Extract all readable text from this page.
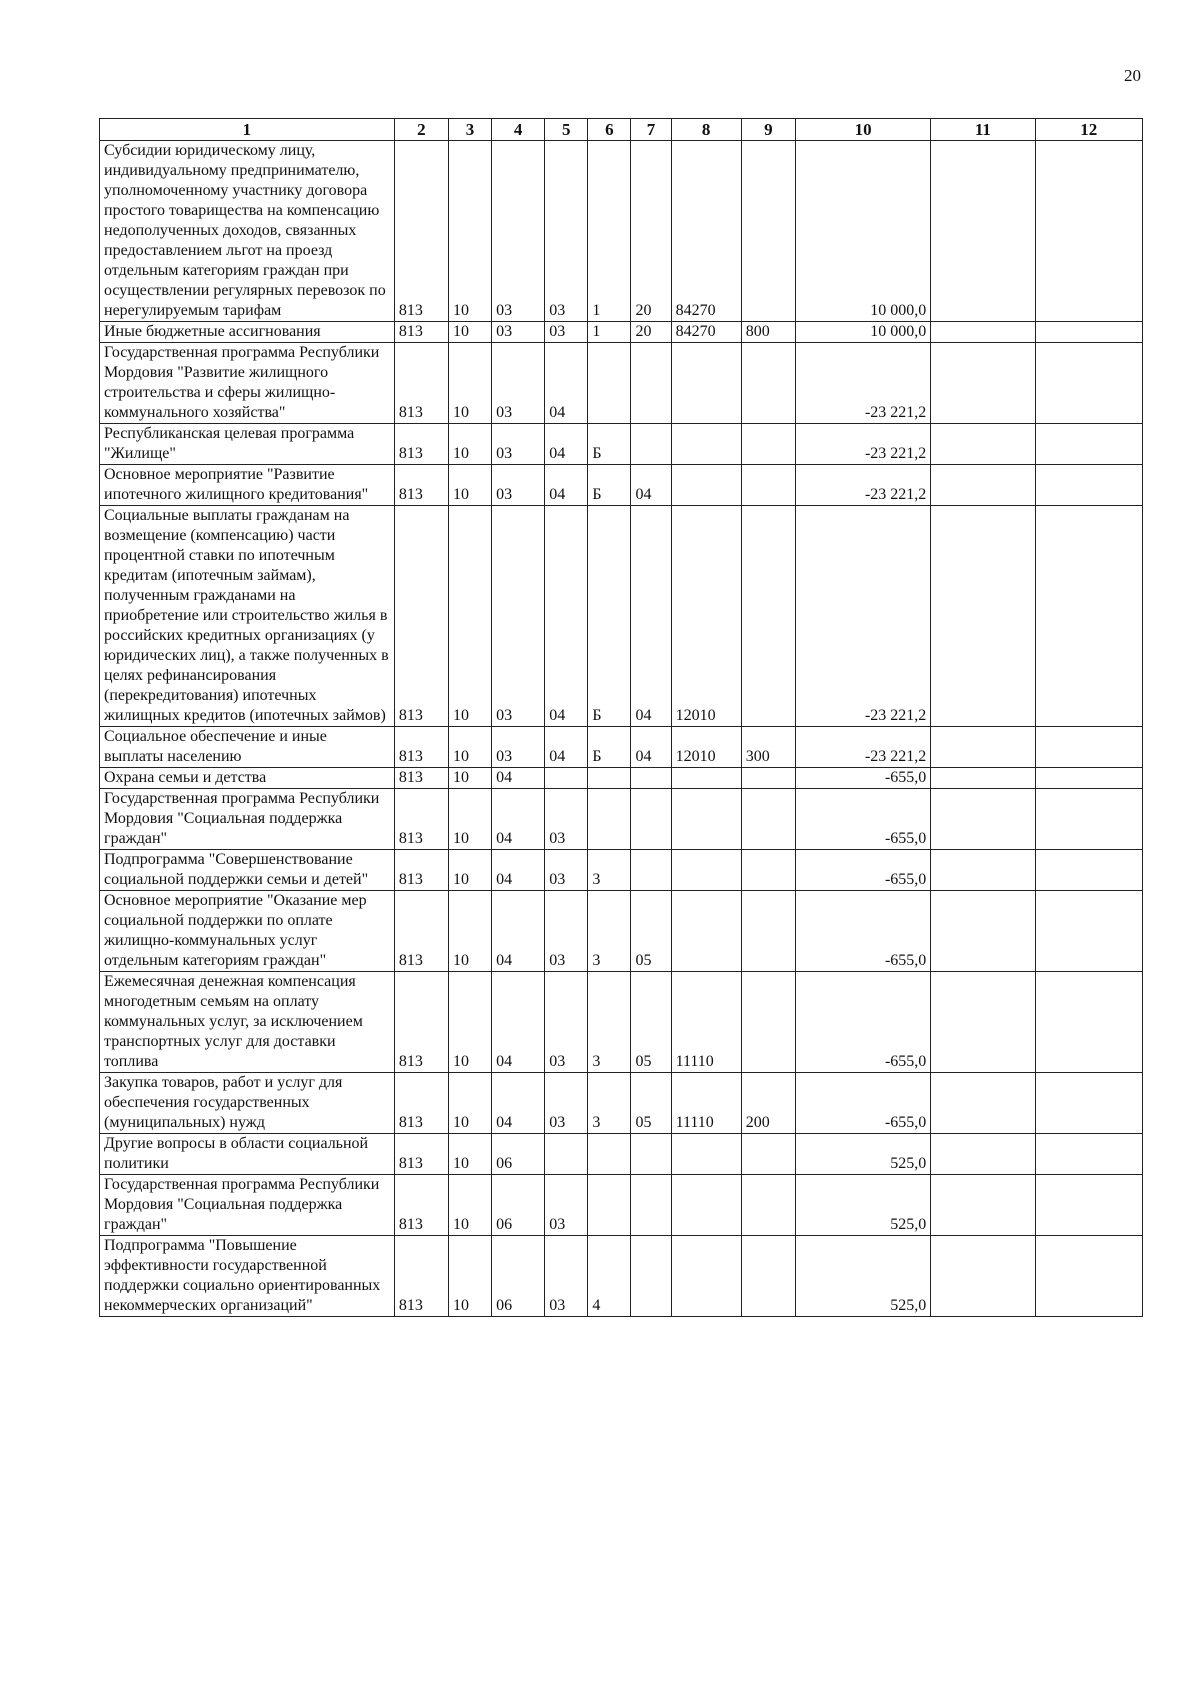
20
1	2	3	4	5	6	7	8	9	10	11	12
Субсидии юридическому лицу, индивидуальному предпринимателю, уполномоченному участнику договора простого товарищества на компенсацию недополученных доходов, связанных предоставлением льгот на проезд отдельным категориям граждан при осуществлении регулярных перевозок по нерегулируемым тарифам	813	10	03	03	1	20	84270		10 000,0		
Иные бюджетные ассигнования	813	10	03	03	1	20	84270	800	10 000,0		
Государственная программа Республики Мордовия "Развитие жилищного строительства и сферы жилищно-коммунального хозяйства"	813	10	03	04					-23 221,2		
Республиканская целевая программа "Жилище"	813	10	03	04	Б				-23 221,2		
Основное мероприятие "Развитие ипотечного жилищного кредитования"	813	10	03	04	Б	04			-23 221,2		
Социальные выплаты гражданам на возмещение (компенсацию) части процентной ставки по ипотечным кредитам (ипотечным займам), полученным гражданами на приобретение или строительство жилья в российских кредитных организациях (у юридических лиц), а также полученных в целях рефинансирования (перекредитования) ипотечных жилищных кредитов (ипотечных займов)	813	10	03	04	Б	04	12010		-23 221,2		
Социальное обеспечение и иные выплаты населению	813	10	03	04	Б	04	12010	300	-23 221,2		
Охрана семьи и детства	813	10	04						-655,0		
Государственная программа Республики Мордовия "Социальная поддержка граждан"	813	10	04	03					-655,0		
Подпрограмма "Совершенствование социальной поддержки семьи и детей"	813	10	04	03	3				-655,0		
Основное мероприятие "Оказание мер социальной поддержки по оплате жилищно-коммунальных услуг отдельным категориям граждан"	813	10	04	03	3	05			-655,0		
Ежемесячная денежная компенсация многодетным семьям на оплату коммунальных услуг, за исключением транспортных услуг для доставки топлива	813	10	04	03	3	05	11110		-655,0		
Закупка товаров, работ и услуг для обеспечения государственных (муниципальных) нужд	813	10	04	03	3	05	11110	200	-655,0		
Другие вопросы в области социальной политики	813	10	06						525,0		
Государственная программа Республики Мордовия "Социальная поддержка граждан"	813	10	06	03					525,0		
Подпрограмма "Повышение эффективности государственной поддержки социально ориентированных некоммерческих организаций"	813	10	06	03	4				525,0		
